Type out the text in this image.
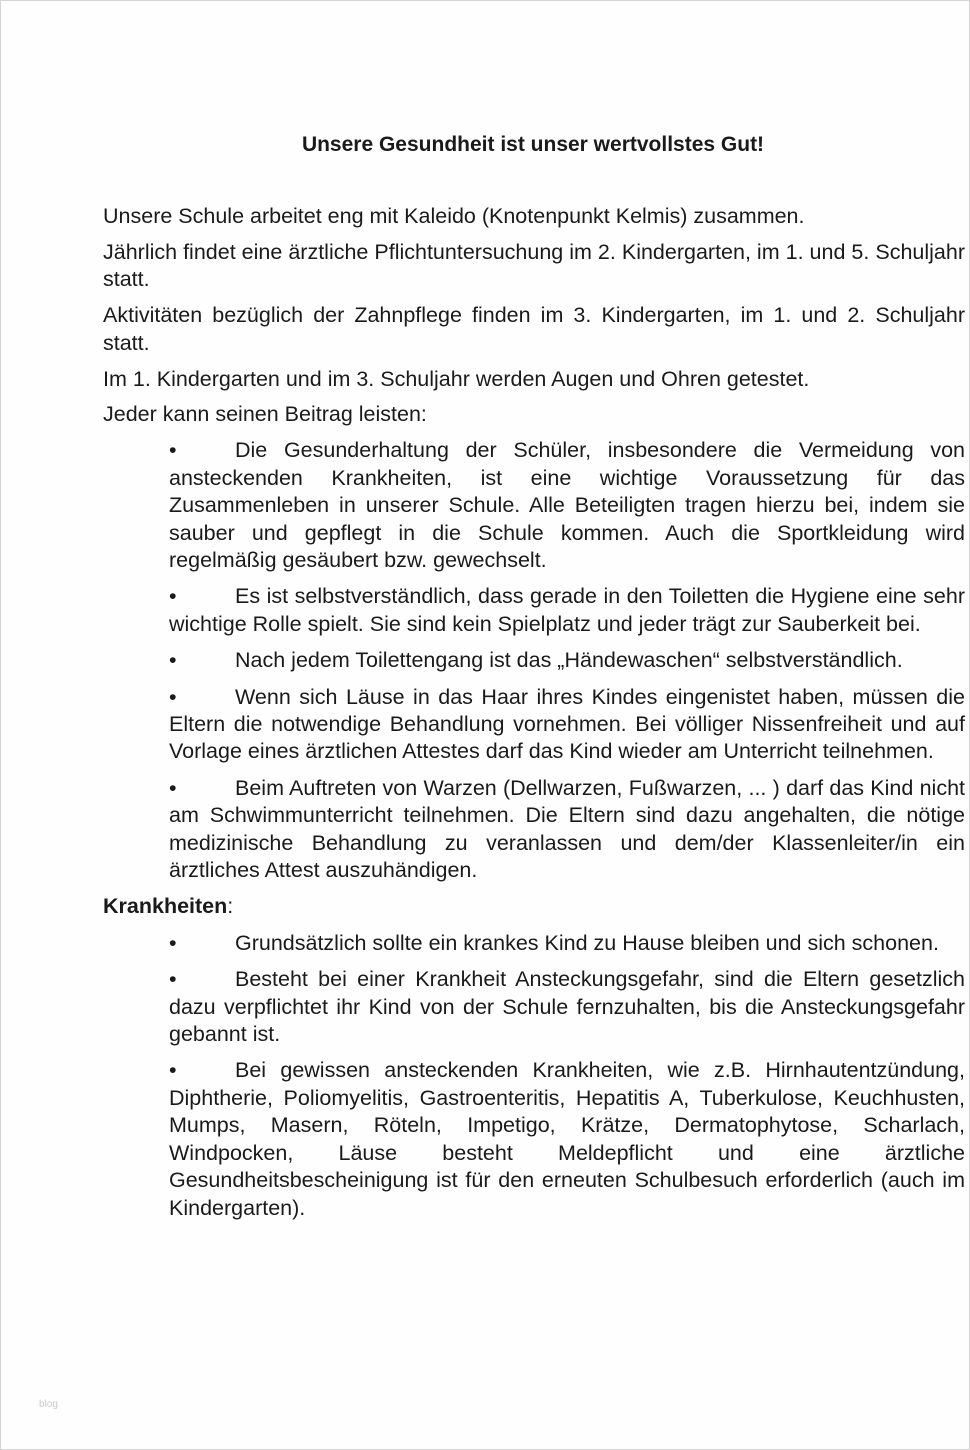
Unsere Gesundheit ist unser wertvollstes Gut!

Unsere Schule arbeitet eng mit Kaleido (Knotenpunkt Kelmis) zusammen.

Jährlich findet eine ärztliche Pflichtuntersuchung im 2. Kindergarten, im 1. und 5. Schuljahr statt.

Aktivitäten bezüglich der Zahnpflege finden im 3. Kindergarten, im 1. und 2. Schuljahr statt.

Im 1. Kindergarten und im 3. Schuljahr werden Augen und Ohren getestet.

Jeder kann seinen Beitrag leisten:

•	Die Gesunderhaltung der Schüler, insbesondere die Vermeidung von ansteckenden Krankheiten, ist eine wichtige Voraussetzung für das Zusammenleben in unserer Schule. Alle Beteiligten tragen hierzu bei, indem sie sauber und gepflegt in die Schule kommen. Auch die Sportkleidung wird regelmäßig gesäubert bzw. gewechselt.
•	Es ist selbstverständlich, dass gerade in den Toiletten die Hygiene eine sehr wichtige Rolle spielt. Sie sind kein Spielplatz und jeder trägt zur Sauberkeit bei.
•	Nach jedem Toilettengang ist das „Händewaschen“ selbstverständlich.
•	Wenn sich Läuse in das Haar ihres Kindes eingenistet haben, müssen die Eltern die notwendige Behandlung vornehmen. Bei völliger Nissenfreiheit und auf Vorlage eines ärztlichen Attestes darf das Kind wieder am Unterricht teilnehmen.
•	Beim Auftreten von Warzen (Dellwarzen, Fußwarzen, ... ) darf das Kind nicht am Schwimmunterricht teilnehmen. Die Eltern sind dazu angehalten, die nötige medizinische Behandlung zu veranlassen und dem/der Klassenleiter/in ein ärztliches Attest auszuhändigen.

Krankheiten:

•	Grundsätzlich sollte ein krankes Kind zu Hause bleiben und sich schonen.
•	Besteht bei einer Krankheit Ansteckungsgefahr, sind die Eltern gesetzlich dazu verpflichtet ihr Kind von der Schule fernzuhalten, bis die Ansteckungsgefahr gebannt ist.
•	Bei gewissen ansteckenden Krankheiten, wie z.B. Hirnhautentzündung, Diphtherie, Poliomyelitis, Gastroenteritis, Hepatitis A, Tuberkulose, Keuchhusten, Mumps, Masern, Röteln, Impetigo, Krätze, Dermatophytose, Scharlach, Windpocken, Läuse besteht Meldepflicht und eine ärztliche Gesundheitsbescheinigung ist für den erneuten Schulbesuch erforderlich (auch im Kindergarten).
blog
